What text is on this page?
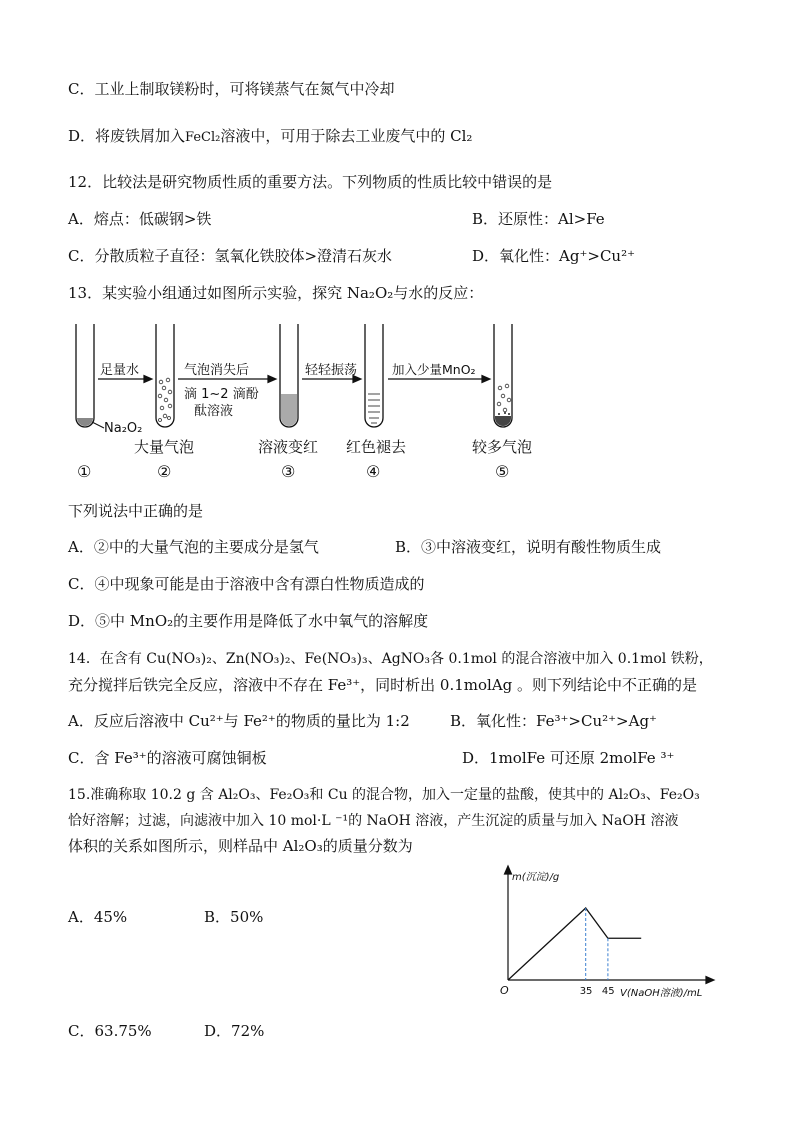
C．工业上制取镁粉时，可将镁蒸气在氮气中冷却
D．将废铁屑加入FeCl₂溶液中，可用于除去工业废气中的 Cl₂
12．比较法是研究物质性质的重要方法。下列物质的性质比较中错误的是
A．熔点：低碳钢>铁	B．还原性：Al>Fe
C．分散质粒子直径：氢氧化铁胶体>澄清石灰水	D．氧化性：Ag⁺>Cu²⁺
13．某实验小组通过如图所示实验，探究 Na₂O₂与水的反应：
足量水	气泡消失后
滴 1~2 滴酚
酞溶液
轻轻振荡	加入少量MnO₂
Na₂O₂
大量气泡	溶液变红 红色褪去	较多气泡
①	②	③	④	⑤
下列说法中正确的是
A．②中的大量气泡的主要成分是氢气	B．③中溶液变红，说明有酸性物质生成
C．④中现象可能是由于溶液中含有漂白性物质造成的
D．⑤中 MnO₂的主要作用是降低了水中氧气的溶解度
14．在含有 Cu(NO₃)₂、Zn(NO₃)₂、Fe(NO₃)₃、AgNO₃各 0.1mol 的混合溶液中加入 0.1mol 铁粉，
充分搅拌后铁完全反应，溶液中不存在 Fe³⁺，同时析出 0.1molAg 。则下列结论中不正确的是
A．反应后溶液中 Cu²⁺与 Fe²⁺的物质的量比为 1:2	B．氧化性：Fe³⁺>Cu²⁺>Ag⁺
C．含 Fe³⁺的溶液可腐蚀铜板	D．1molFe 可还原 2molFe ³⁺
15.准确称取 10.2 g 含 Al₂O₃、Fe₂O₃和 Cu 的混合物，加入一定量的盐酸，使其中的 Al₂O₃、Fe₂O₃
恰好溶解；过滤，向滤液中加入 10 mol·L ⁻¹的 NaOH 溶液，产生沉淀的质量与加入 NaOH 溶液
体积的关系如图所示，则样品中 Al₂O₃的质量分数为
A．45%	B．50%
C．63.75%	D．72%
35 45
m(沉淀)/g
V(NaOH溶液)/mL
O
